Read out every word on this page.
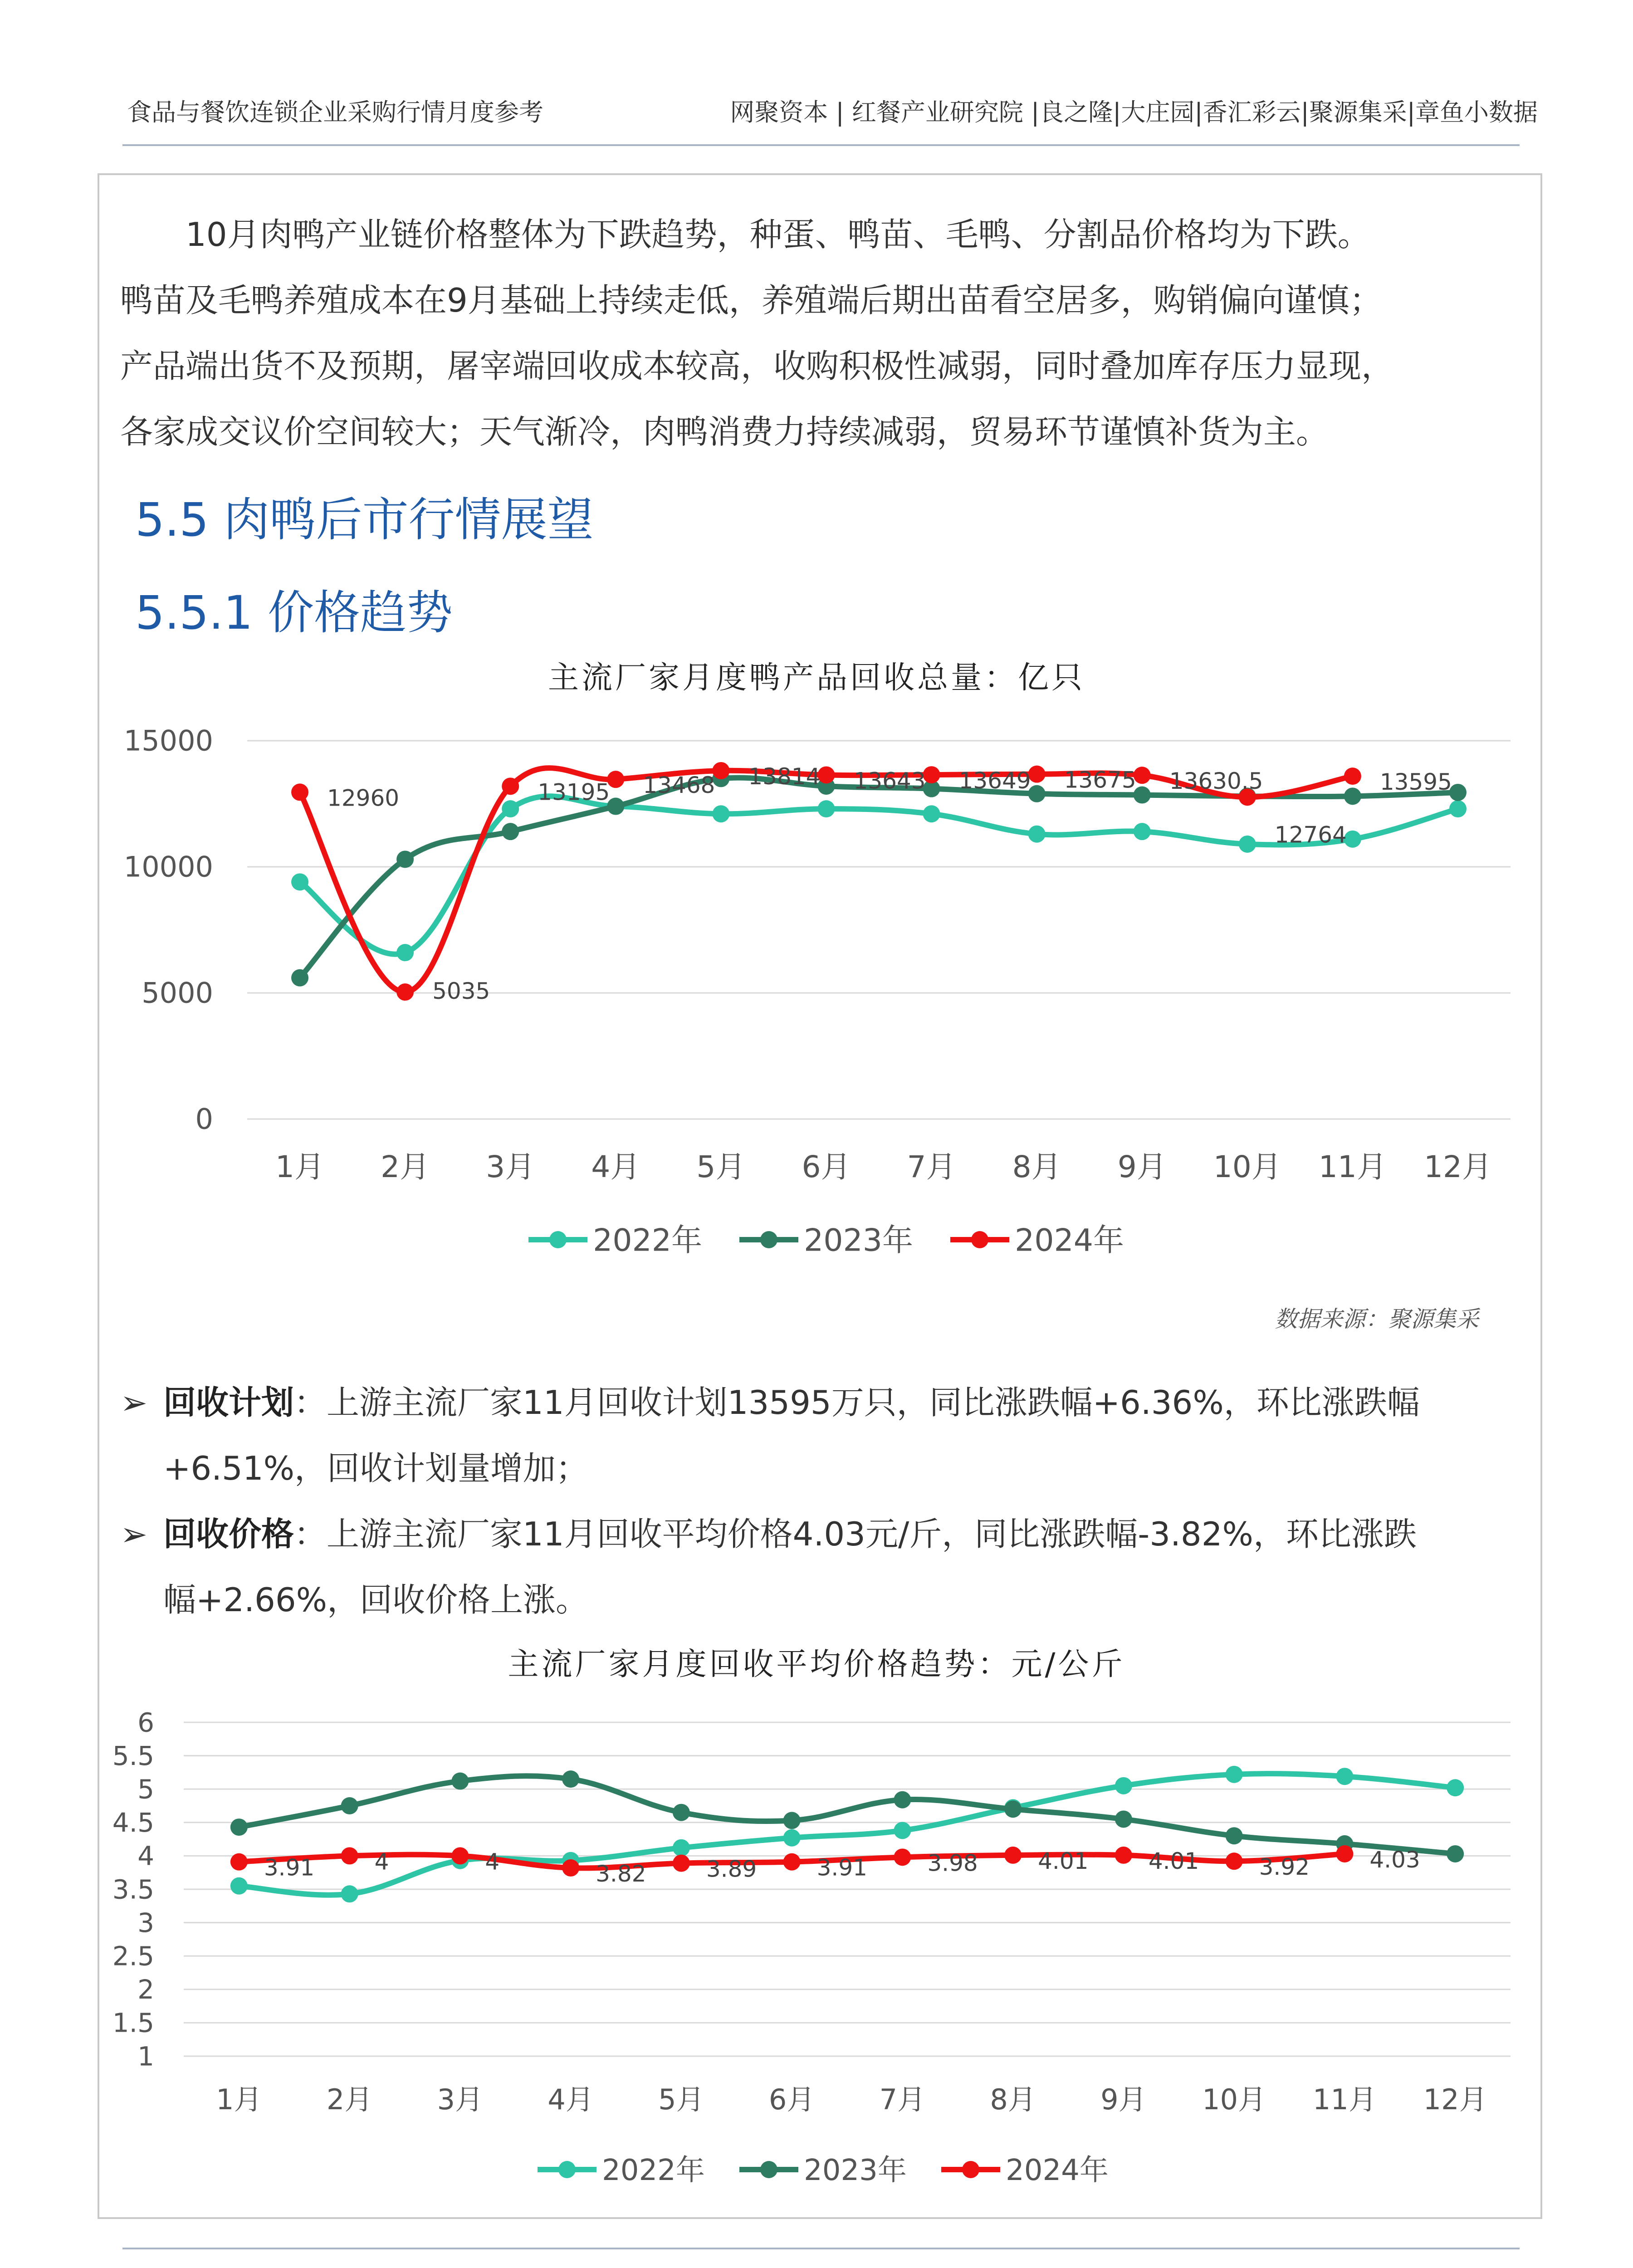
食品与餐饮连锁企业采购行情月度参考	网聚资本 | 红餐产业研究院 |良之隆|大庄园|香汇彩云|聚源集采|章鱼小数据
　　10月肉鸭产业链价格整体为下跌趋势，种蛋、鸭苗、毛鸭、分割品价格均为下跌。
鸭苗及毛鸭养殖成本在9月基础上持续走低，养殖端后期出苗看空居多，购销偏向谨慎；
产品端出货不及预期，屠宰端回收成本较高，收购积极性减弱，同时叠加库存压力显现，
各家成交议价空间较大；天气渐冷，肉鸭消费力持续减弱，贸易环节谨慎补货为主。
5.5 肉鸭后市行情展望
5.5.1 价格趋势
主流厂家月度鸭产品回收总量：亿只
0
5000
10000
15000
1月 2月 3月 4月 5月 6月 7月 8月 9月 10月 11月 12月
12960
5035
13195 13468 13814 13643 13649 13675 13630.5
12764
13595
2022年	2023年	2024年
数据来源：聚源集采
➢ 回收计划：上游主流厂家11月回收计划13595万只，同比涨跌幅+6.36%，环比涨跌幅
+6.51%，回收计划量增加；
➢ 回收价格：上游主流厂家11月回收平均价格4.03元/斤，同比涨跌幅-3.82%，环比涨跌
幅+2.66%，回收价格上涨。
主流厂家月度回收平均价格趋势：元/公斤
1
1.5
2
2.5
3
3.5
4
4.5
5
5.5
6
1月 2月 3月 4月 5月 6月 7月 8月 9月 10月 11月 12月
3.91	4	4	3.82	3.89	3.91	3.98	4.01	4.01	3.92	4.03
2022年	2023年	2024年
